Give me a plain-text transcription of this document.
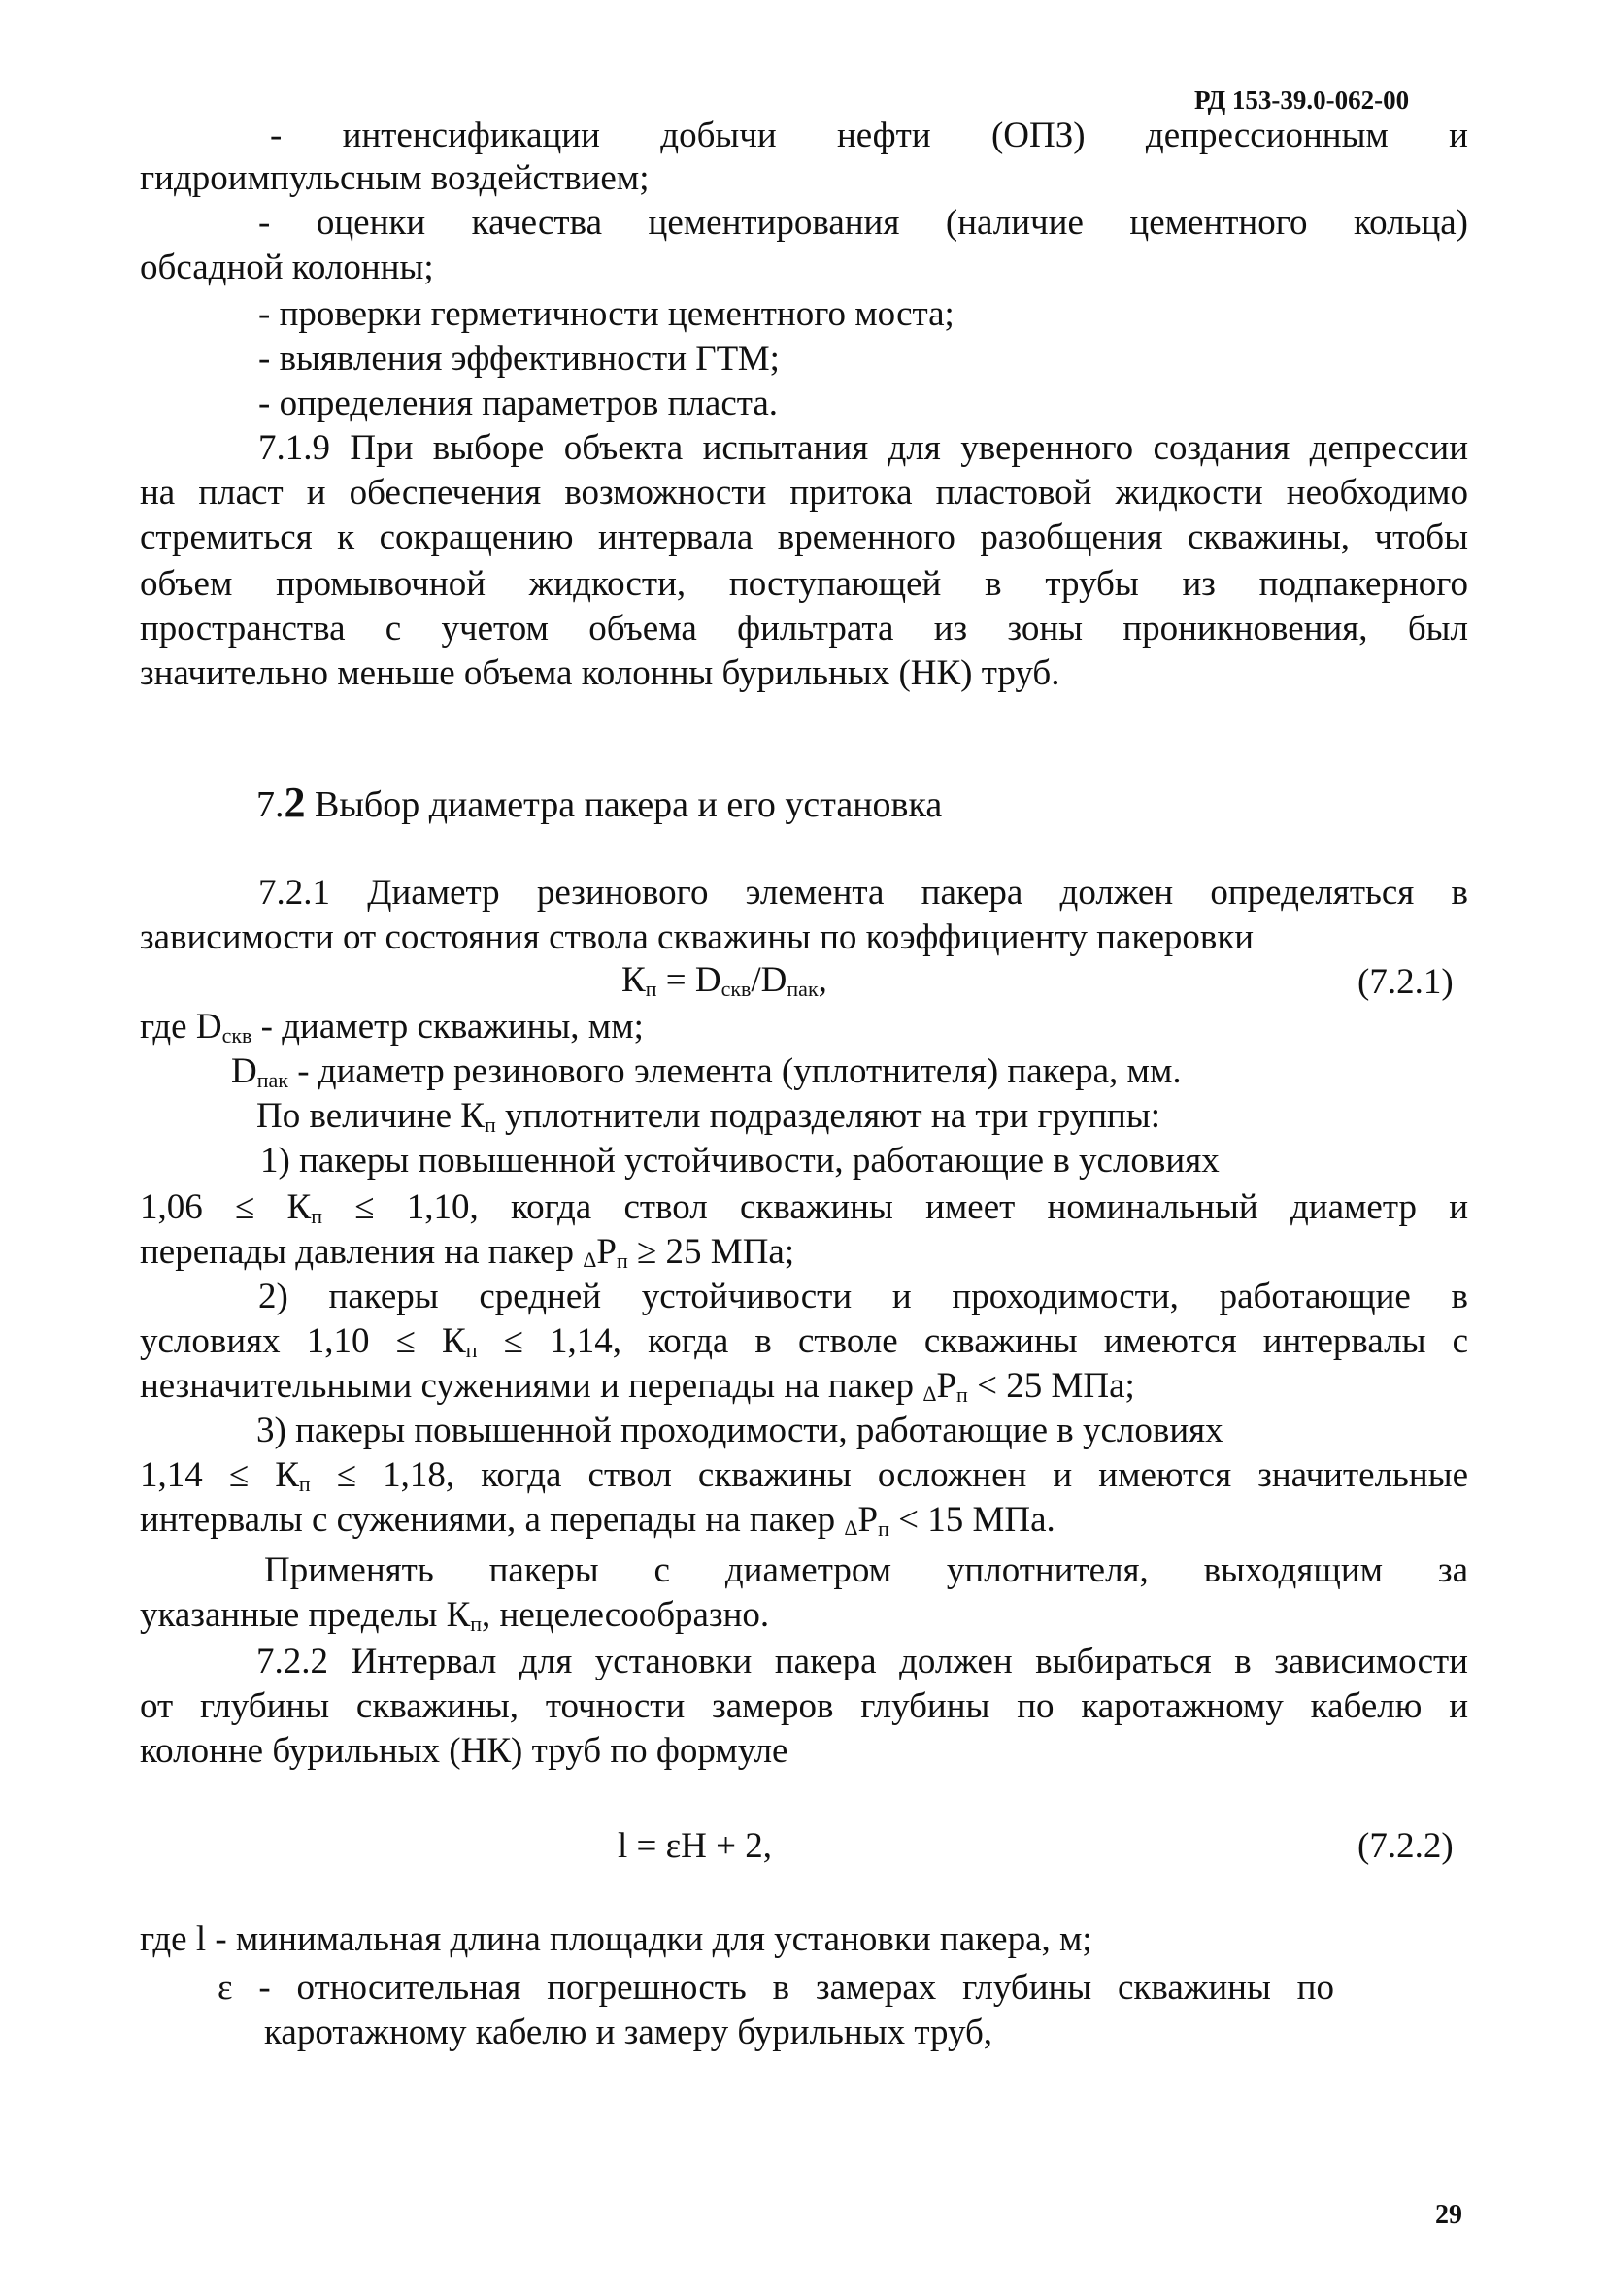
РД 153-39.0-062-00
- интенсификации добычи нефти (ОПЗ) депрессионным и
гидроимпульсным воздействием;
- оценки качества цементирования (наличие цементного кольца)
обсадной колонны;
- проверки герметичности цементного моста;
- выявления эффективности ГТМ;
- определения параметров пласта.
7.1.9 При выборе объекта испытания для уверенного создания депрессии
на пласт и обеспечения возможности притока пластовой жидкости необходимо
стремиться к сокращению интервала временного разобщения скважины, чтобы
объем промывочной жидкости, поступающей в трубы из подпакерного
пространства с учетом объема фильтрата из зоны проникновения, был
значительно меньше объема колонны бурильных (НК) труб.
7.2 Выбор диаметра пакера и его установка
7.2.1 Диаметр резинового элемента пакера должен определяться в
зависимости от состояния ствола скважины по коэффициенту пакеровки
$К_п = D_{скв}/D_{пак}$,	(7.2.1)
где $D_{скв}$ - диаметр скважины, мм;
$D_{пак}$ - диаметр резинового элемента (уплотнителя) пакера, мм.
По величине $К_п$ уплотнители подразделяют на три группы:
1) пакеры повышенной устойчивости, работающие в условиях
$1,06 \le К_п \le 1,10$, когда ствол скважины имеет номинальный диаметр и
перепады давления на пакер $\Delta P_п \ge 25$ МПа;
2) пакеры средней устойчивости и проходимости, работающие в
условиях $1,10 \le К_п \le 1,14$, когда в стволе скважины имеются интервалы с
незначительными сужениями и перепады на пакер $\Delta P_п < 25$ МПа;
3) пакеры повышенной проходимости, работающие в условиях
$1,14 \le К_п \le 1,18$, когда ствол скважины осложнен и имеются значительные
интервалы с сужениями, а перепады на пакер $\Delta P_п < 15$ МПа.
Применять пакеры с диаметром уплотнителя, выходящим за
указанные пределы $К_п$, нецелесообразно.
7.2.2 Интервал для установки пакера должен выбираться в зависимости
от глубины скважины, точности замеров глубины по каротажному кабелю и
колонне бурильных (НК) труб по формуле
l = εH + 2,	(7.2.2)
где l - минимальная длина площадки для установки пакера, м;
ε - относительная погрешность в замерах глубины скважины по
каротажному кабелю и замеру бурильных труб,
29
